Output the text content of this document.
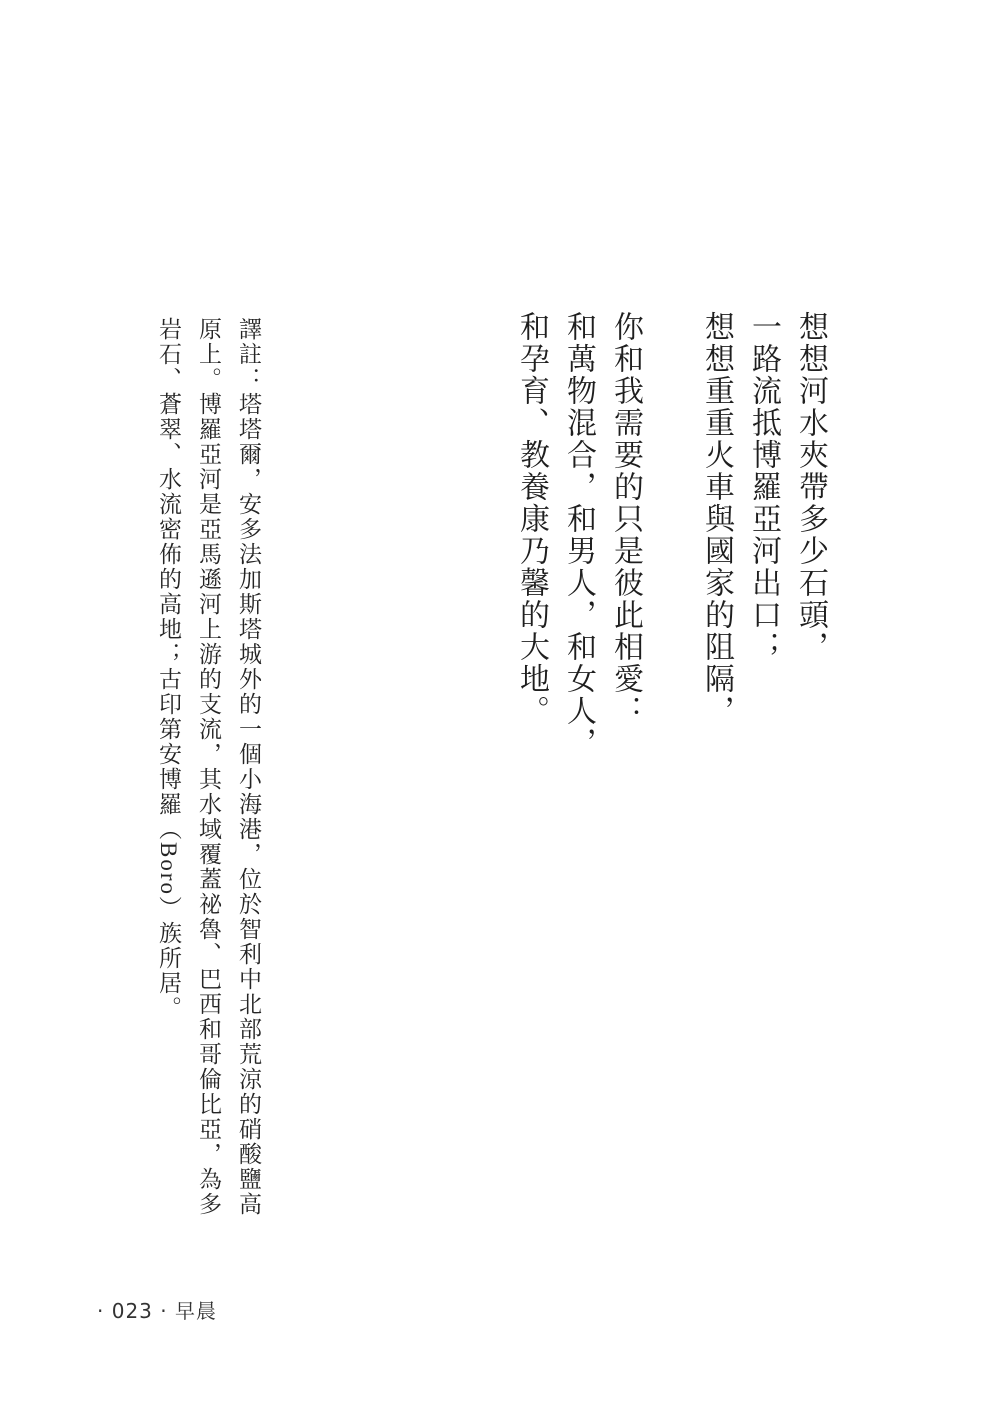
想想河水夾帶多少石頭，
一路流抵博羅亞河出口；
想想重重火車與國家的阻隔，
你和我需要的只是彼此相愛：
和萬物混合，和男人，和女人，
和孕育、教養康乃馨的大地。
譯註：塔塔爾，安多法加斯塔城外的一個小海港，位於智利中北部荒涼的硝酸鹽高
原上。博羅亞河是亞馬遜河上游的支流，其水域覆蓋祕魯、巴西和哥倫比亞，為多
岩石、蒼翠、水流密佈的高地；古印第安博羅（Boro）族所居。
· 023 · 早晨
